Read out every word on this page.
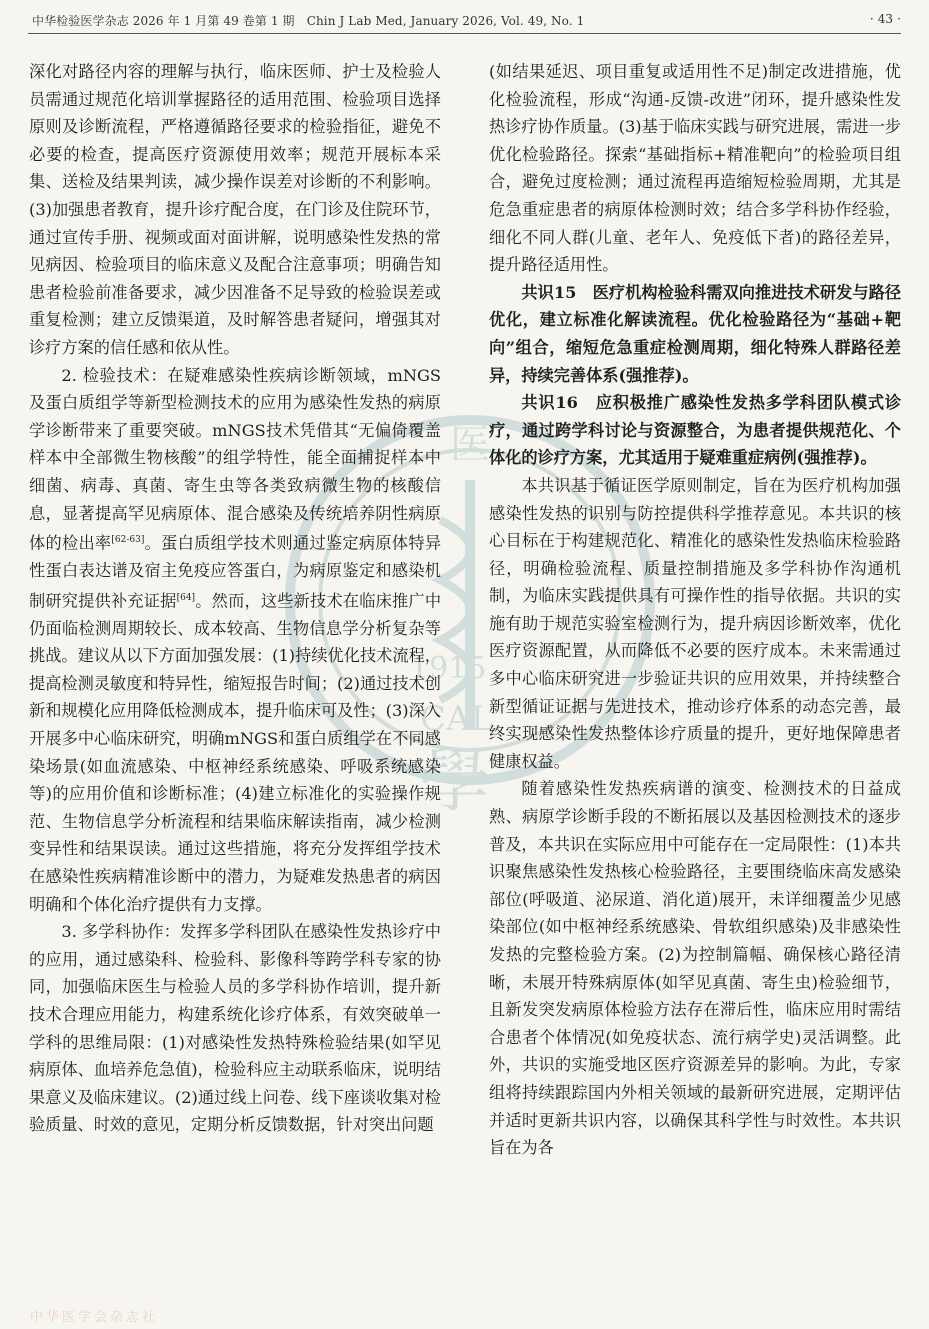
中华检验医学杂志 2026 年 1 月第 49 卷第 1 期　Chin J Lab Med, January 2026, Vol. 49, No. 1	· 43 ·
医
1915
CAL
學

深化对路径内容的理解与执行，临床医师、护士及检验人员需通过规范化培训掌握路径的适用范围、检验项目选择原则及诊断流程，严格遵循路径要求的检验指征，避免不必要的检查，提高医疗资源使用效率；规范开展标本采集、送检及结果判读，减少操作误差对诊断的不利影响。(3)加强患者教育，提升诊疗配合度，在门诊及住院环节，通过宣传手册、视频或面对面讲解，说明感染性发热的常见病因、检验项目的临床意义及配合注意事项；明确告知患者检验前准备要求，减少因准备不足导致的检验误差或重复检测；建立反馈渠道，及时解答患者疑问，增强其对诊疗方案的信任感和依从性。

2. 检验技术：在疑难感染性疾病诊断领域，mNGS及蛋白质组学等新型检测技术的应用为感染性发热的病原学诊断带来了重要突破。mNGS技术凭借其“无偏倚覆盖样本中全部微生物核酸”的组学特性，能全面捕捉样本中细菌、病毒、真菌、寄生虫等各类致病微生物的核酸信息，显著提高罕见病原体、混合感染及传统培养阴性病原体的检出率[62-63]。蛋白质组学技术则通过鉴定病原体特异性蛋白表达谱及宿主免疫应答蛋白，为病原鉴定和感染机制研究提供补充证据[64]。然而，这些新技术在临床推广中仍面临检测周期较长、成本较高、生物信息学分析复杂等挑战。建议从以下方面加强发展：(1)持续优化技术流程，提高检测灵敏度和特异性，缩短报告时间；(2)通过技术创新和规模化应用降低检测成本，提升临床可及性；(3)深入开展多中心临床研究，明确mNGS和蛋白质组学在不同感染场景(如血流感染、中枢神经系统感染、呼吸系统感染等)的应用价值和诊断标准；(4)建立标准化的实验操作规范、生物信息学分析流程和结果临床解读指南，减少检测变异性和结果误读。通过这些措施，将充分发挥组学技术在感染性疾病精准诊断中的潜力，为疑难发热患者的病因明确和个体化治疗提供有力支撑。

3. 多学科协作：发挥多学科团队在感染性发热诊疗中的应用，通过感染科、检验科、影像科等跨学科专家的协同，加强临床医生与检验人员的多学科协作培训，提升新技术合理应用能力，构建系统化诊疗体系，有效突破单一学科的思维局限：(1)对感染性发热特殊检验结果(如罕见病原体、血培养危急值)，检验科应主动联系临床，说明结果意义及临床建议。(2)通过线上问卷、线下座谈收集对检验质量、时效的意见，定期分析反馈数据，针对突出问题

(如结果延迟、项目重复或适用性不足)制定改进措施，优化检验流程，形成“沟通-反馈-改进”闭环，提升感染性发热诊疗协作质量。(3)基于临床实践与研究进展，需进一步优化检验路径。探索“基础指标+精准靶向”的检验项目组合，避免过度检测；通过流程再造缩短检验周期，尤其是危急重症患者的病原体检测时效；结合多学科协作经验，细化不同人群(儿童、老年人、免疫低下者)的路径差异，提升路径适用性。

共识15　 医疗机构检验科需双向推进技术研发与路径优化，建立标准化解读流程。优化检验路径为“基础+靶向”组合，缩短危急重症检测周期，细化特殊人群路径差异，持续完善体系(强推荐)。

共识16　 应积极推广感染性发热多学科团队模式诊疗，通过跨学科讨论与资源整合，为患者提供规范化、个体化的诊疗方案，尤其适用于疑难重症病例(强推荐)。

本共识基于循证医学原则制定，旨在为医疗机构加强感染性发热的识别与防控提供科学推荐意见。本共识的核心目标在于构建规范化、精准化的感染性发热临床检验路径，明确检验流程、质量控制措施及多学科协作沟通机制，为临床实践提供具有可操作性的指导依据。共识的实施有助于规范实验室检测行为，提升病因诊断效率，优化医疗资源配置，从而降低不必要的医疗成本。未来需通过多中心临床研究进一步验证共识的应用效果，并持续整合新型循证证据与先进技术，推动诊疗体系的动态完善，最终实现感染性发热整体诊疗质量的提升，更好地保障患者健康权益。

随着感染性发热疾病谱的演变、检测技术的日益成熟、病原学诊断手段的不断拓展以及基因检测技术的逐步普及，本共识在实际应用中可能存在一定局限性：(1)本共识聚焦感染性发热核心检验路径，主要围绕临床高发感染部位(呼吸道、泌尿道、消化道)展开，未详细覆盖少见感染部位(如中枢神经系统感染、骨软组织感染)及非感染性发热的完整检验方案。(2)为控制篇幅、确保核心路径清晰，未展开特殊病原体(如罕见真菌、寄生虫)检验细节，且新发突发病原体检验方法存在滞后性，临床应用时需结合患者个体情况(如免疫状态、流行病学史)灵活调整。此外，共识的实施受地区医疗资源差异的影响。为此，专家组将持续跟踪国内外相关领域的最新研究进展，定期评估并适时更新共识内容，以确保其科学性与时效性。本共识旨在为各

中华医学会杂志社
